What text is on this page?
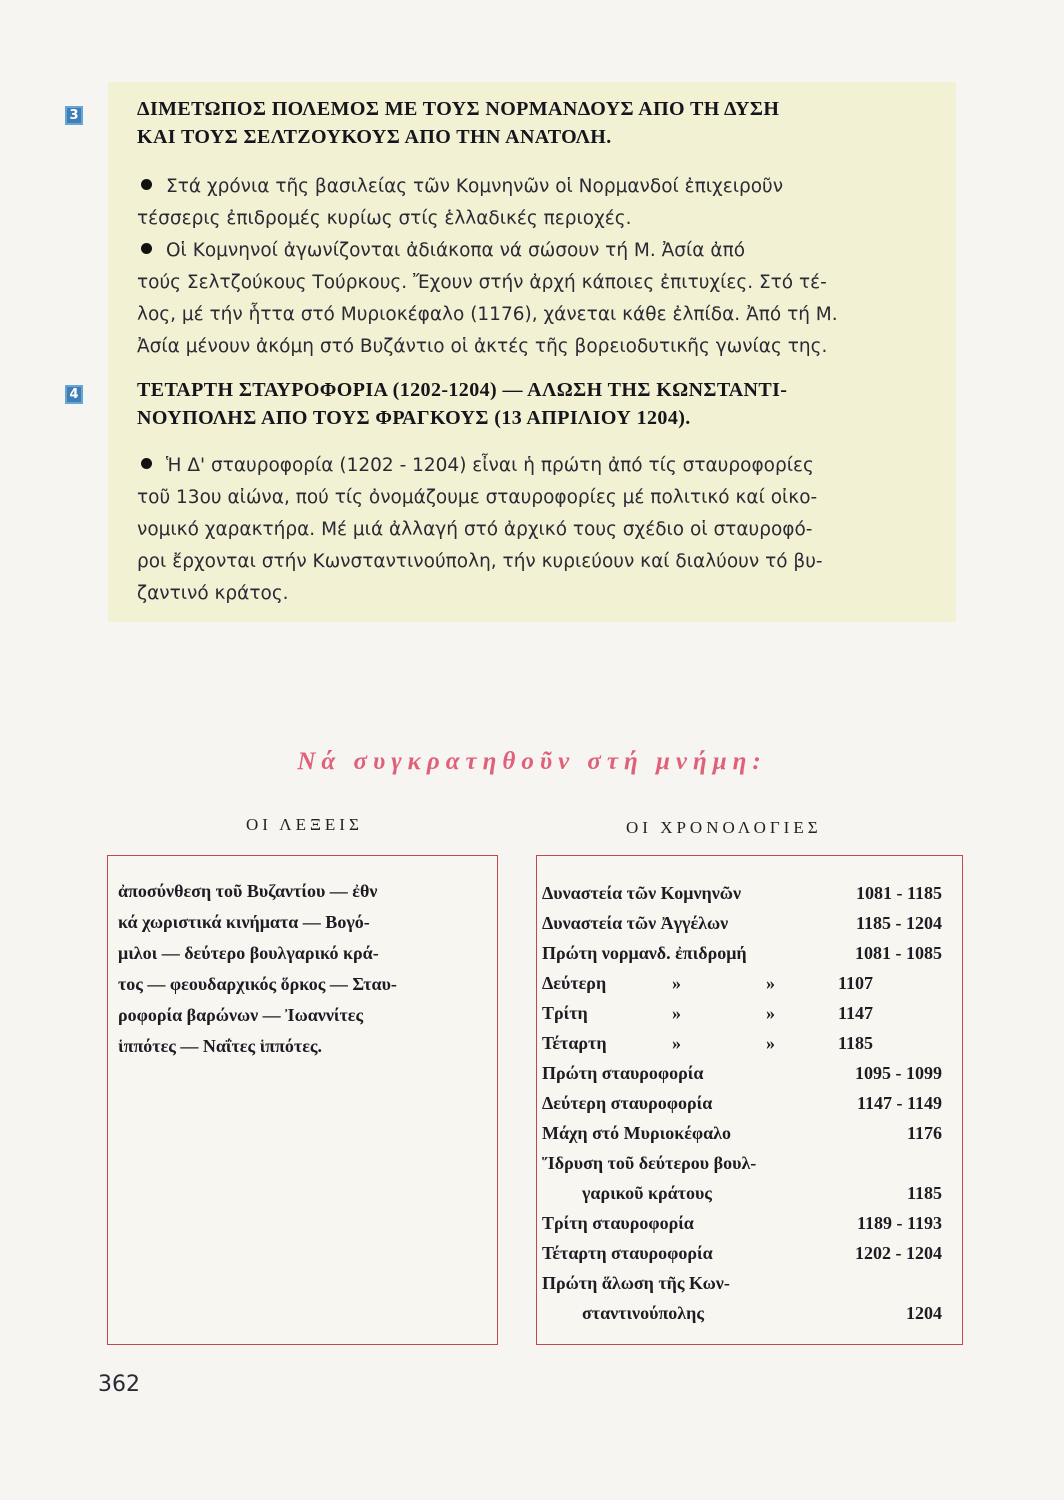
3	ΔΙΜΕΤΩΠΟΣ ΠΟΛΕΜΟΣ ΜΕ ΤΟΥΣ ΝΟΡΜΑΝΔΟΥΣ ΑΠΟ ΤΗ ΔΥΣΗ
ΚΑΙ ΤΟΥΣ ΣΕΛΤΖΟΥΚΟΥΣ ΑΠΟ ΤΗΝ ΑΝΑΤΟΛΗ.
Στά χρόνια τῆς βασιλείας τῶν Κομνηνῶν οἱ Νορμανδοί ἐπιχειροῦν
τέσσερις ἐπιδρομές κυρίως στίς ἑλλαδικές περιοχές.
Οἱ Κομνηνοί ἀγωνίζονται ἀδιάκοπα νά σώσουν τή Μ. Ἀσία ἀπό
τούς Σελτζούκους Τούρκους. Ἔχουν στήν ἀρχή κάποιες ἐπιτυχίες. Στό τέ-
λος, μέ τήν ἧττα στό Μυριοκέφαλο (1176), χάνεται κάθε ἐλπίδα. Ἀπό τή Μ.
Ἀσία μένουν ἀκόμη στό Βυζάντιο οἱ ἀκτές τῆς βορειοδυτικῆς γωνίας της.
4	ΤΕΤΑΡΤΗ ΣΤΑΥΡΟΦΟΡΙΑ (1202-1204) — ΑΛΩΣΗ ΤΗΣ ΚΩΝΣΤΑΝΤΙ-
ΝΟΥΠΟΛΗΣ ΑΠΟ ΤΟΥΣ ΦΡΑΓΚΟΥΣ (13 ΑΠΡΙΛΙΟΥ 1204).
Ἡ Δ' σταυροφορία (1202 - 1204) εἶναι ἡ πρώτη ἀπό τίς σταυροφορίες
τοῦ 13ου αἰώνα, πού τίς ὀνομάζουμε σταυροφορίες μέ πολιτικό καί οἰκο-
νομικό χαρακτήρα. Μέ μιά ἀλλαγή στό ἀρχικό τους σχέδιο οἱ σταυροφό-
ροι ἔρχονται στήν Κωνσταντινούπολη, τήν κυριεύουν καί διαλύουν τό βυ-
ζαντινό κράτος.
Νά συγκρατηθοῦν στή μνήμη:

ΟΙ ΛΕΞΕΙΣ	ΟΙ ΧΡΟΝΟΛΟΓΙΕΣ

ἀποσύνθεση τοῦ Βυζαντίου — ἐθν
κά χωριστικά κινήματα — Βογό-
μιλοι — δεύτερο βουλγαρικό κρά-
τος — φεουδαρχικός ὅρκος — Σταυ-
ροφορία βαρώνων — Ἰωαννίτες
ἱππότες — Ναΐτες ἱππότες.
Δυναστεία τῶν Κομνηνῶν	1081 - 1185
Δυναστεία τῶν Ἀγγέλων	1185 - 1204
Πρώτη νορμανδ. ἐπιδρομή	1081 - 1085
Δεύτερη	»	»	1107
Τρίτη	»	»	1147
Τέταρτη	»	»	1185
Πρώτη σταυροφορία	1095 - 1099
Δεύτερη σταυροφορία	1147 - 1149
Μάχη στό Μυριοκέφαλο	1176
Ἵδρυση τοῦ δεύτερου βουλ-
γαρικοῦ κράτους	1185
Τρίτη σταυροφορία	1189 - 1193
Τέταρτη σταυροφορία	1202 - 1204
Πρώτη ἅλωση τῆς Κων-
σταντινούπολης	1204

362
